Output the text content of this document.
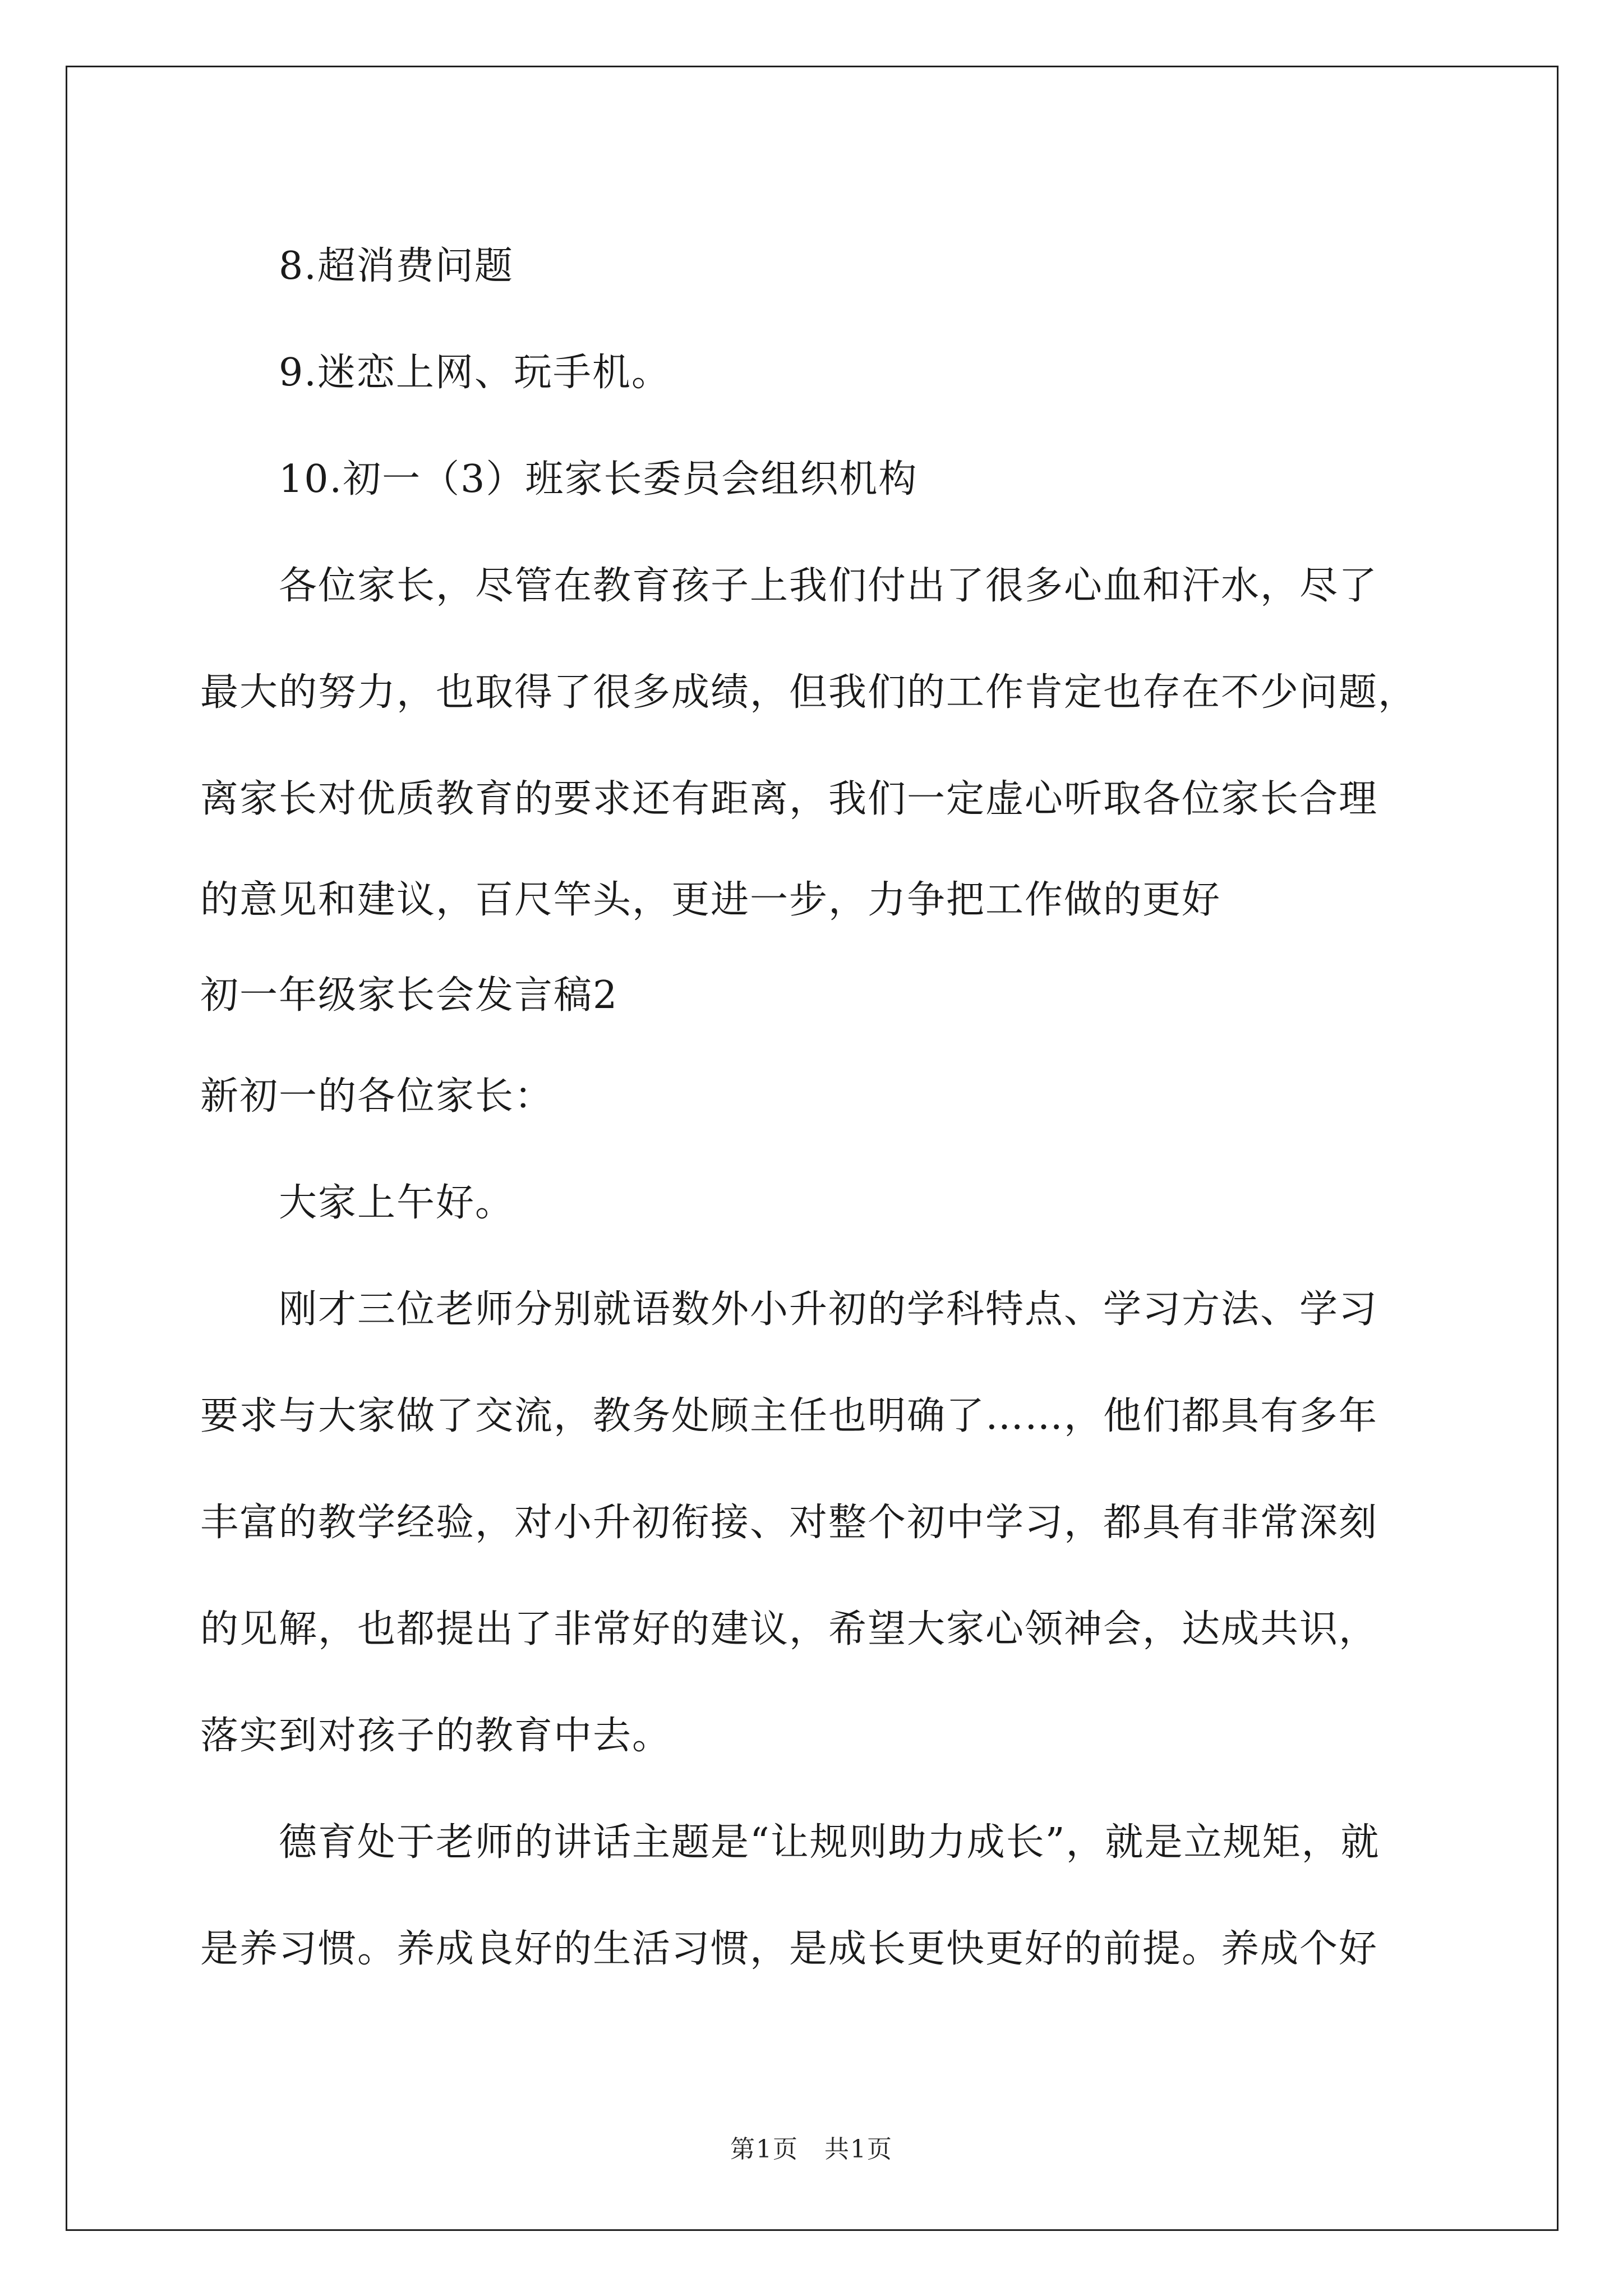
8.超消费问题
9.迷恋上网、玩手机。
10.初一（3）班家长委员会组织机构
各位家长，尽管在教育孩子上我们付出了很多心血和汗水，尽了
最大的努力，也取得了很多成绩，但我们的工作肯定也存在不少问题，
离家长对优质教育的要求还有距离，我们一定虚心听取各位家长合理
的意见和建议，百尺竿头，更进一步，力争把工作做的更好
初一年级家长会发言稿2
新初一的各位家长：
大家上午好。
刚才三位老师分别就语数外小升初的学科特点、学习方法、学习
要求与大家做了交流，教务处顾主任也明确了……，他们都具有多年
丰富的教学经验，对小升初衔接、对整个初中学习，都具有非常深刻
的见解，也都提出了非常好的建议，希望大家心领神会，达成共识，
落实到对孩子的教育中去。
德育处于老师的讲话主题是“让规则助力成长”，就是立规矩，就
是养习惯。养成良好的生活习惯，是成长更快更好的前提。养成个好
第1页 共1页
